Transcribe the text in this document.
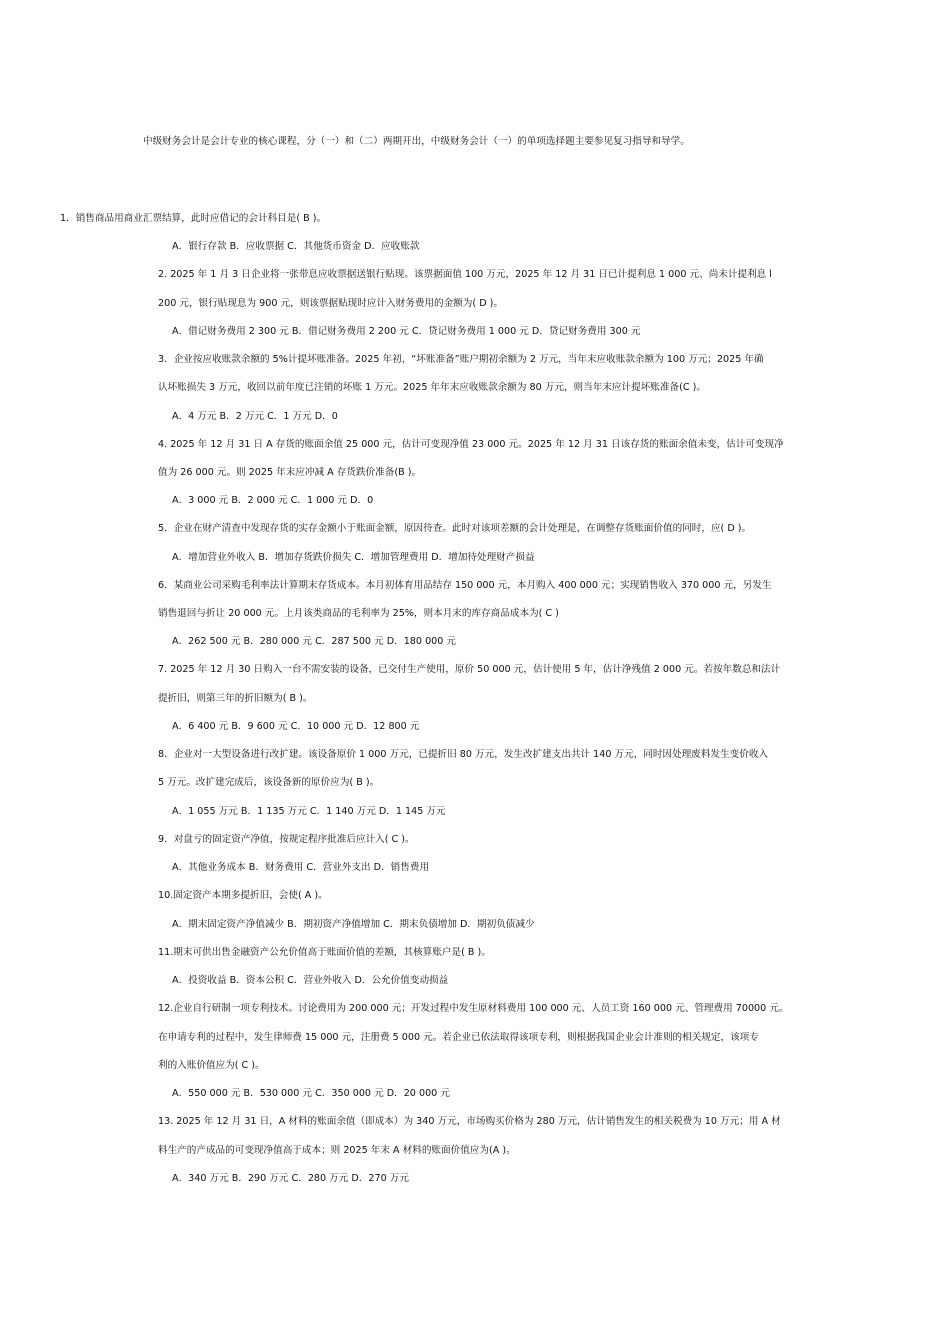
中级财务会计是会计专业的核心课程，分（一）和（二）两期开出，中级财务会计（一）的单项选择题主要参见复习指导和导学。
1．销售商品用商业汇票结算，此时应借记的会计科目是( B )。
A．银行存款 B．应收票据 C．其他货币资金 D．应收账款
2. 2025 年 1 月 3 日企业将一张带息应收票据送银行贴现。该票据面值 100 万元，2025 年 12 月 31 日已计提利息 1 000 元、尚未计提利息 l
200 元，银行贴现息为 900 元，则该票据贴现时应计入财务费用的金额为( D )。
A．借记财务费用 2 300 元 B．借记财务费用 2 200 元 C．贷记财务费用 1 000 元 D．贷记财务费用 300 元
3．企业按应收账款余额的 5%计提坏账准备。2025 年初，“坏账准备”账户期初余额为 2 万元，当年末应收账款余额为 100 万元；2025 年确
认坏账损失 3 万元，收回以前年度已注销的坏账 1 万元。2025 年年末应收账款余额为 80 万元，则当年末应计提坏账准备(C )。
A．4 万元 B．2 万元 C．1 万元 D．0
4. 2025 年 12 月 31 日 A 存货的账面余值 25 000 元，估计可变现净值 23 000 元。2025 年 12 月 31 日该存货的账面余值未变，估计可变现净
值为 26 000 元。则 2025 年末应冲减 A 存货跌价准备(B )。
A．3 000 元 B．2 000 元 C．1 000 元 D．0
5．企业在财产清查中发现存货的实存金额小于账面金额，原因待查。此时对该项差额的会计处理是，在调整存货账面价值的同时，应( D )。
A．增加营业外收入 B．增加存货跌价损失 C．增加管理费用 D．增加待处理财产损益
6．某商业公司采购毛利率法计算期末存货成本。本月初体育用品结存 150 000 元，本月购入 400 000 元；实现销售收入 370 000 元，另发生
销售退回与折让 20 000 元。上月该类商品的毛利率为 25%，则本月末的库存商品成本为( C )
A．262 500 元 B．280 000 元 C．287 500 元 D．180 000 元
7. 2025 年 12 月 30 日购入一台不需安装的设备，已交付生产使用，原价 50 000 元，估计使用 5 年，估计净残值 2 000 元。若按年数总和法计
提折旧，则第三年的折旧额为( B )。
A．6 400 元 B．9 600 元 C．10 000 元 D．12 800 元
8．企业对一大型设备进行改扩建。该设备原价 1 000 万元，已提折旧 80 万元，发生改扩建支出共计 140 万元，同时因处理废料发生变价收入
5 万元。改扩建完成后，该设备新的原价应为( B )。
A．1 055 万元 B．1 135 万元 C．1 140 万元 D．1 145 万元
9．对盘亏的固定资产净值，按规定程序批准后应计入( C )。
A．其他业务成本 B．财务费用 C．营业外支出 D．销售费用
10.固定资产本期多提折旧，会使( A )。
A．期末固定资产净值减少 B．期初资产净值增加 C．期末负债增加 D．期初负债减少
11.期末可供出售金融资产公允价值高于账面价值的差额，其核算账户是( B )。
A．投资收益 B．资本公积 C．营业外收入 D．公允价值变动损益
12.企业自行研制一项专利技术。讨论费用为 200 000 元；开发过程中发生原材料费用 100 000 元、人员工资 160 000 元、管理费用 70000 元。
在申请专利的过程中，发生律师费 15 000 元，注册费 5 000 元。若企业已依法取得该项专利，则根据我国企业会计准则的相关规定，该项专
利的入账价值应为( C )。
A．550 000 元 B．530 000 元 C．350 000 元 D．20 000 元
13. 2025 年 12 月 31 日，A 材料的账面余值（即成本）为 340 万元，市场购买价格为 280 万元，估计销售发生的相关税费为 10 万元；用 A 材
料生产的产成品的可变现净值高于成本；则 2025 年末 A 材料的账面价值应为(A )。
A．340 万元 B．290 万元 C．280 万元 D．270 万元
